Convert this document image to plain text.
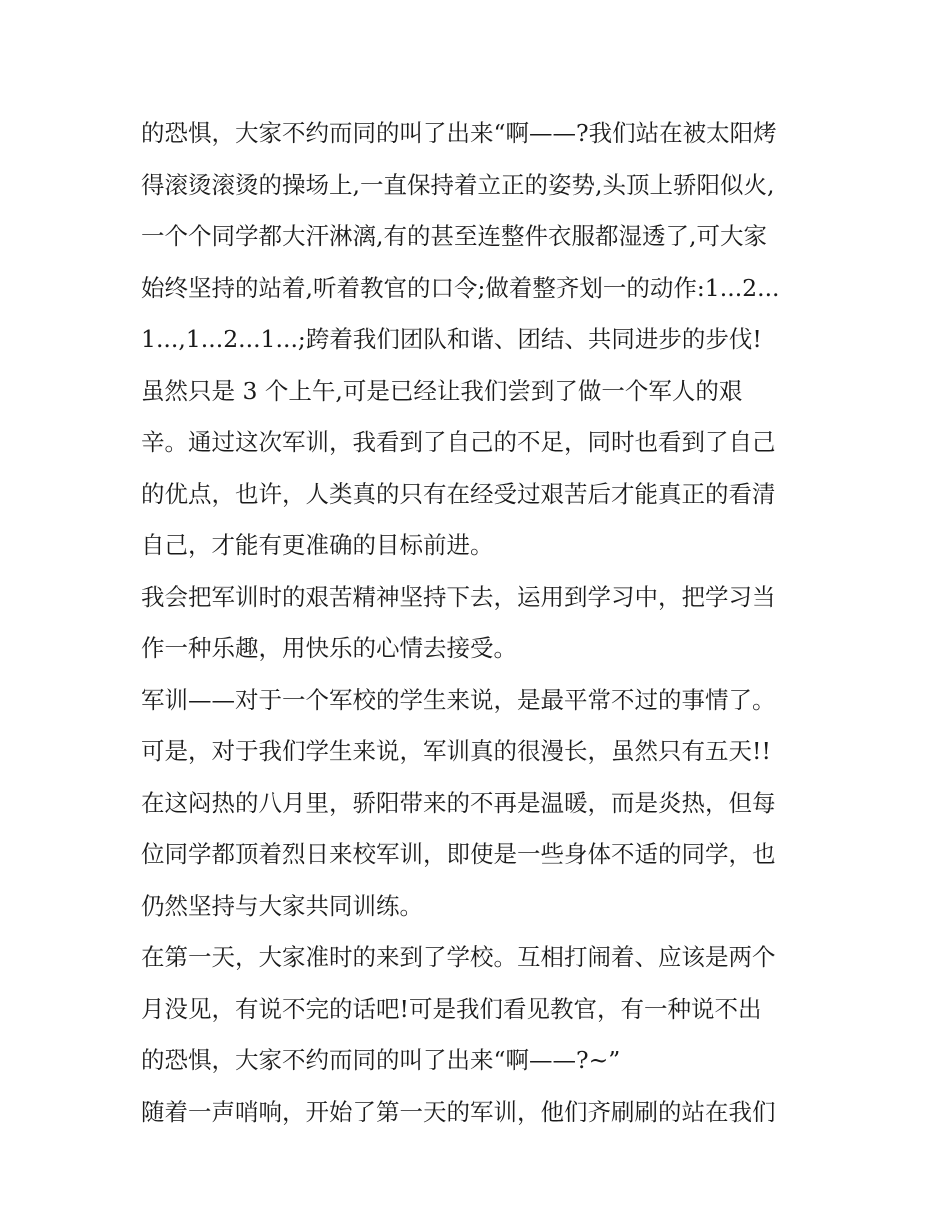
的恐惧，大家不约而同的叫了出来“啊——?我们站在被太阳烤
得滚烫滚烫的操场上,一直保持着立正的姿势,头顶上骄阳似火,
一个个同学都大汗淋漓,有的甚至连整件衣服都湿透了,可大家
始终坚持的站着,听着教官的口令;做着整齐划一的动作:1...2...
1...,1...2...1...;跨着我们团队和谐、团结、共同进步的步伐!
虽然只是 3 个上午,可是已经让我们尝到了做一个军人的艰
辛。通过这次军训，我看到了自己的不足，同时也看到了自己
的优点，也许，人类真的只有在经受过艰苦后才能真正的看清
自己，才能有更准确的目标前进。
我会把军训时的艰苦精神坚持下去，运用到学习中，把学习当
作一种乐趣，用快乐的心情去接受。
军训——对于一个军校的学生来说，是最平常不过的事情了。
可是，对于我们学生来说，军训真的很漫长，虽然只有五天!!
在这闷热的八月里，骄阳带来的不再是温暖，而是炎热，但每
位同学都顶着烈日来校军训，即使是一些身体不适的同学，也
仍然坚持与大家共同训练。
在第一天，大家准时的来到了学校。互相打闹着、应该是两个
月没见，有说不完的话吧!可是我们看见教官，有一种说不出
的恐惧，大家不约而同的叫了出来“啊——?~”
随着一声哨响，开始了第一天的军训，他们齐刷刷的站在我们
